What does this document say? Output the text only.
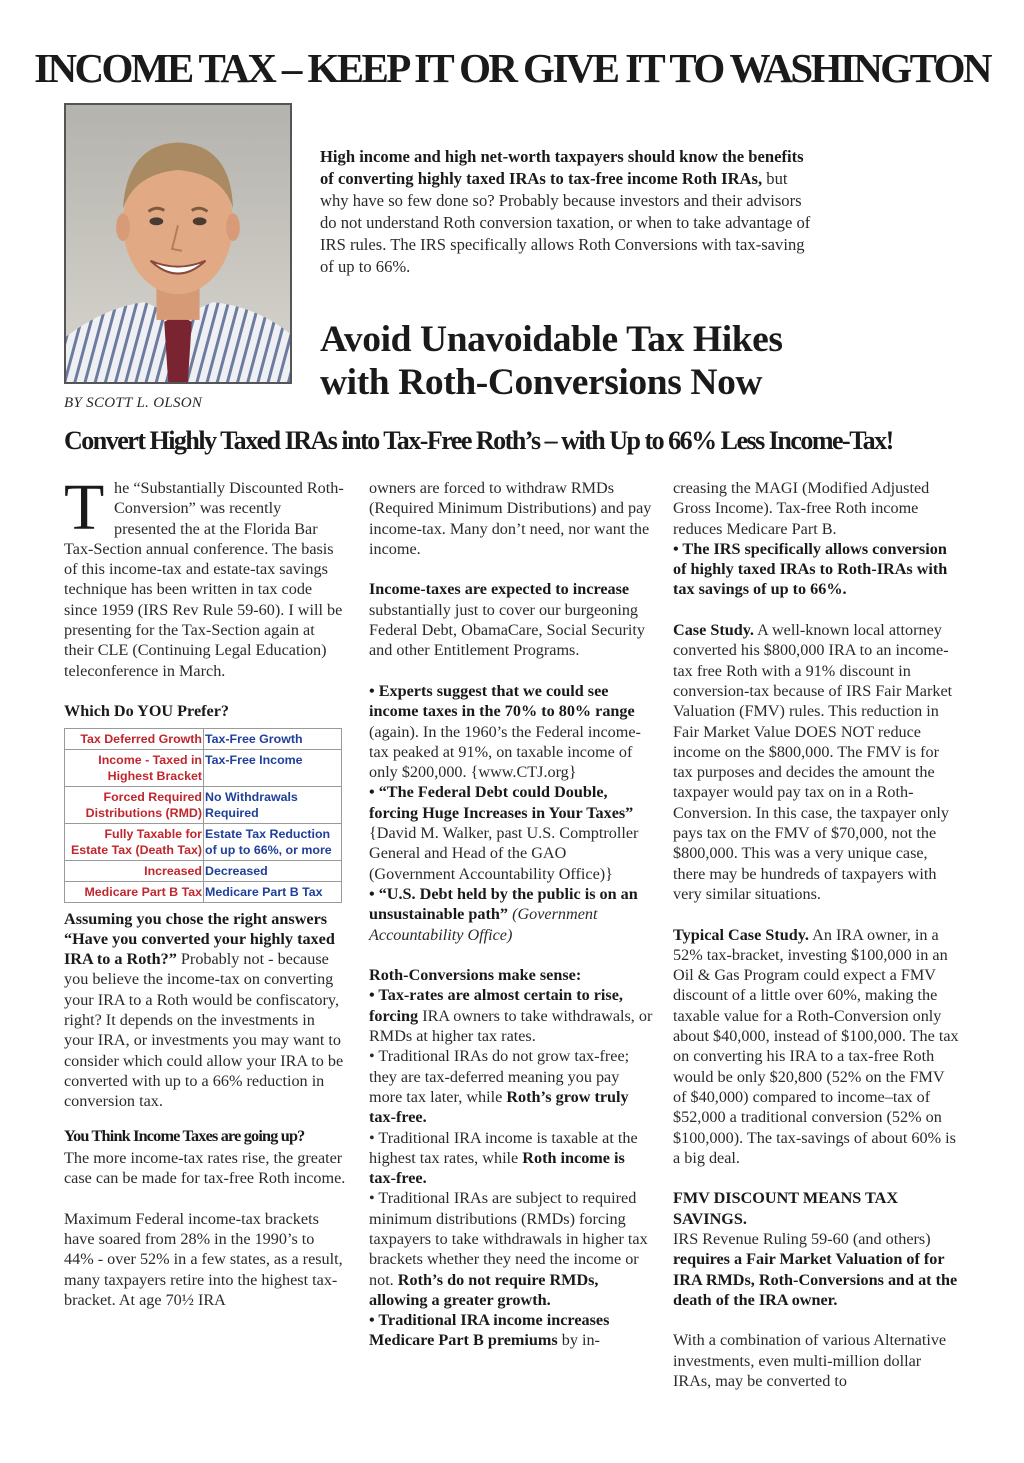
INCOME TAX – KEEP IT OR GIVE IT TO WASHINGTON
BY SCOTT L. OLSON
High income and high net-worth taxpayers should know the benefits of converting highly taxed IRAs to tax-free income Roth IRAs, but why have so few done so? Probably because investors and their advisors do not understand Roth conversion taxation, or when to take advantage of IRS rules. The IRS specifically allows Roth Conversions with tax-saving of up to 66%.
Avoid Unavoidable Tax Hikes
with Roth-Conversions Now
Convert Highly Taxed IRAs into Tax-Free Roth’s – with Up to 66% Less Income-Tax!

The “Substantially Discounted Roth-Conversion” was recently presented the at the Florida Bar Tax-Section annual conference. The basis of this income-tax and estate-tax savings technique has been written in tax code since 1959 (IRS Rev Rule 59-60). I will be presenting for the Tax-Section again at their CLE (Continuing Legal Education) teleconference in March.

Which Do YOU Prefer?

Tax Deferred Growth	Tax-Free Growth
Income - Taxed in Highest Bracket	Tax-Free Income
Forced Required Distributions (RMD)	No Withdrawals Required
Fully Taxable for Estate Tax (Death Tax)	Estate Tax Reduction of up to 66%, or more
Increased	Decreased
Medicare Part B Tax	Medicare Part B Tax

Assuming you chose the right answers “Have you converted your highly taxed IRA to a Roth?” Probably not - because you believe the income-tax on converting your IRA to a Roth would be confiscatory, right? It depends on the investments in your IRA, or investments you may want to consider which could allow your IRA to be converted with up to a 66% reduction in conversion tax.

You Think Income Taxes are going up?

The more income-tax rates rise, the greater case can be made for tax-free Roth income.

Maximum Federal income-tax brackets have soared from 28% in the 1990’s to 44% - over 52% in a few states, as a result, many taxpayers retire into the highest tax-bracket. At age 70½ IRA

owners are forced to withdraw RMDs (Required Minimum Distributions) and pay income-tax. Many don’t need, nor want the income.

Income-taxes are expected to increase substantially just to cover our burgeoning Federal Debt, ObamaCare, Social Security and other Entitlement Programs.

• Experts suggest that we could see income taxes in the 70% to 80% range (again). In the 1960’s the Federal income-tax peaked at 91%, on taxable income of only $200,000. {www.CTJ.org}

• “The Federal Debt could Double, forcing Huge Increases in Your Taxes” {David M. Walker, past U.S. Comptroller General and Head of the GAO (Government Accountability Office)}

• “U.S. Debt held by the public is on an unsustainable path” (Government Accountability Office)

Roth-Conversions make sense:

• Tax-rates are almost certain to rise, forcing IRA owners to take withdrawals, or RMDs at higher tax rates.

• Traditional IRAs do not grow tax-free; they are tax-deferred meaning you pay more tax later, while Roth’s grow truly tax-free.

• Traditional IRA income is taxable at the highest tax rates, while Roth income is tax-free.

• Traditional IRAs are subject to required minimum distributions (RMDs) forcing taxpayers to take withdrawals in higher tax brackets whether they need the income or not. Roth’s do not require RMDs, allowing a greater growth.

• Traditional IRA income increases Medicare Part B premiums by in-

creasing the MAGI (Modified Adjusted Gross Income). Tax-free Roth income reduces Medicare Part B.

• The IRS specifically allows conversion of highly taxed IRAs to Roth-IRAs with tax savings of up to 66%.

Case Study. A well-known local attorney converted his $800,000 IRA to an income-tax free Roth with a 91% discount in conversion-tax because of IRS Fair Market Valuation (FMV) rules. This reduction in Fair Market Value DOES NOT reduce income on the $800,000. The FMV is for tax purposes and decides the amount the taxpayer would pay tax on in a Roth-Conversion. In this case, the taxpayer only pays tax on the FMV of $70,000, not the $800,000. This was a very unique case, there may be hundreds of taxpayers with very similar situations.

Typical Case Study. An IRA owner, in a 52% tax-bracket, investing $100,000 in an Oil & Gas Program could expect a FMV discount of a little over 60%, making the taxable value for a Roth-Conversion only about $40,000, instead of $100,000. The tax on converting his IRA to a tax-free Roth would be only $20,800 (52% on the FMV of $40,000) compared to income–tax of $52,000 a traditional conversion (52% on $100,000). The tax-savings of about 60% is a big deal.

FMV DISCOUNT MEANS TAX SAVINGS.

IRS Revenue Ruling 59-60 (and others) requires a Fair Market Valuation of for IRA RMDs, Roth-Conversions and at the death of the IRA owner.

With a combination of various Alternative investments, even multi-million dollar IRAs, may be converted to
